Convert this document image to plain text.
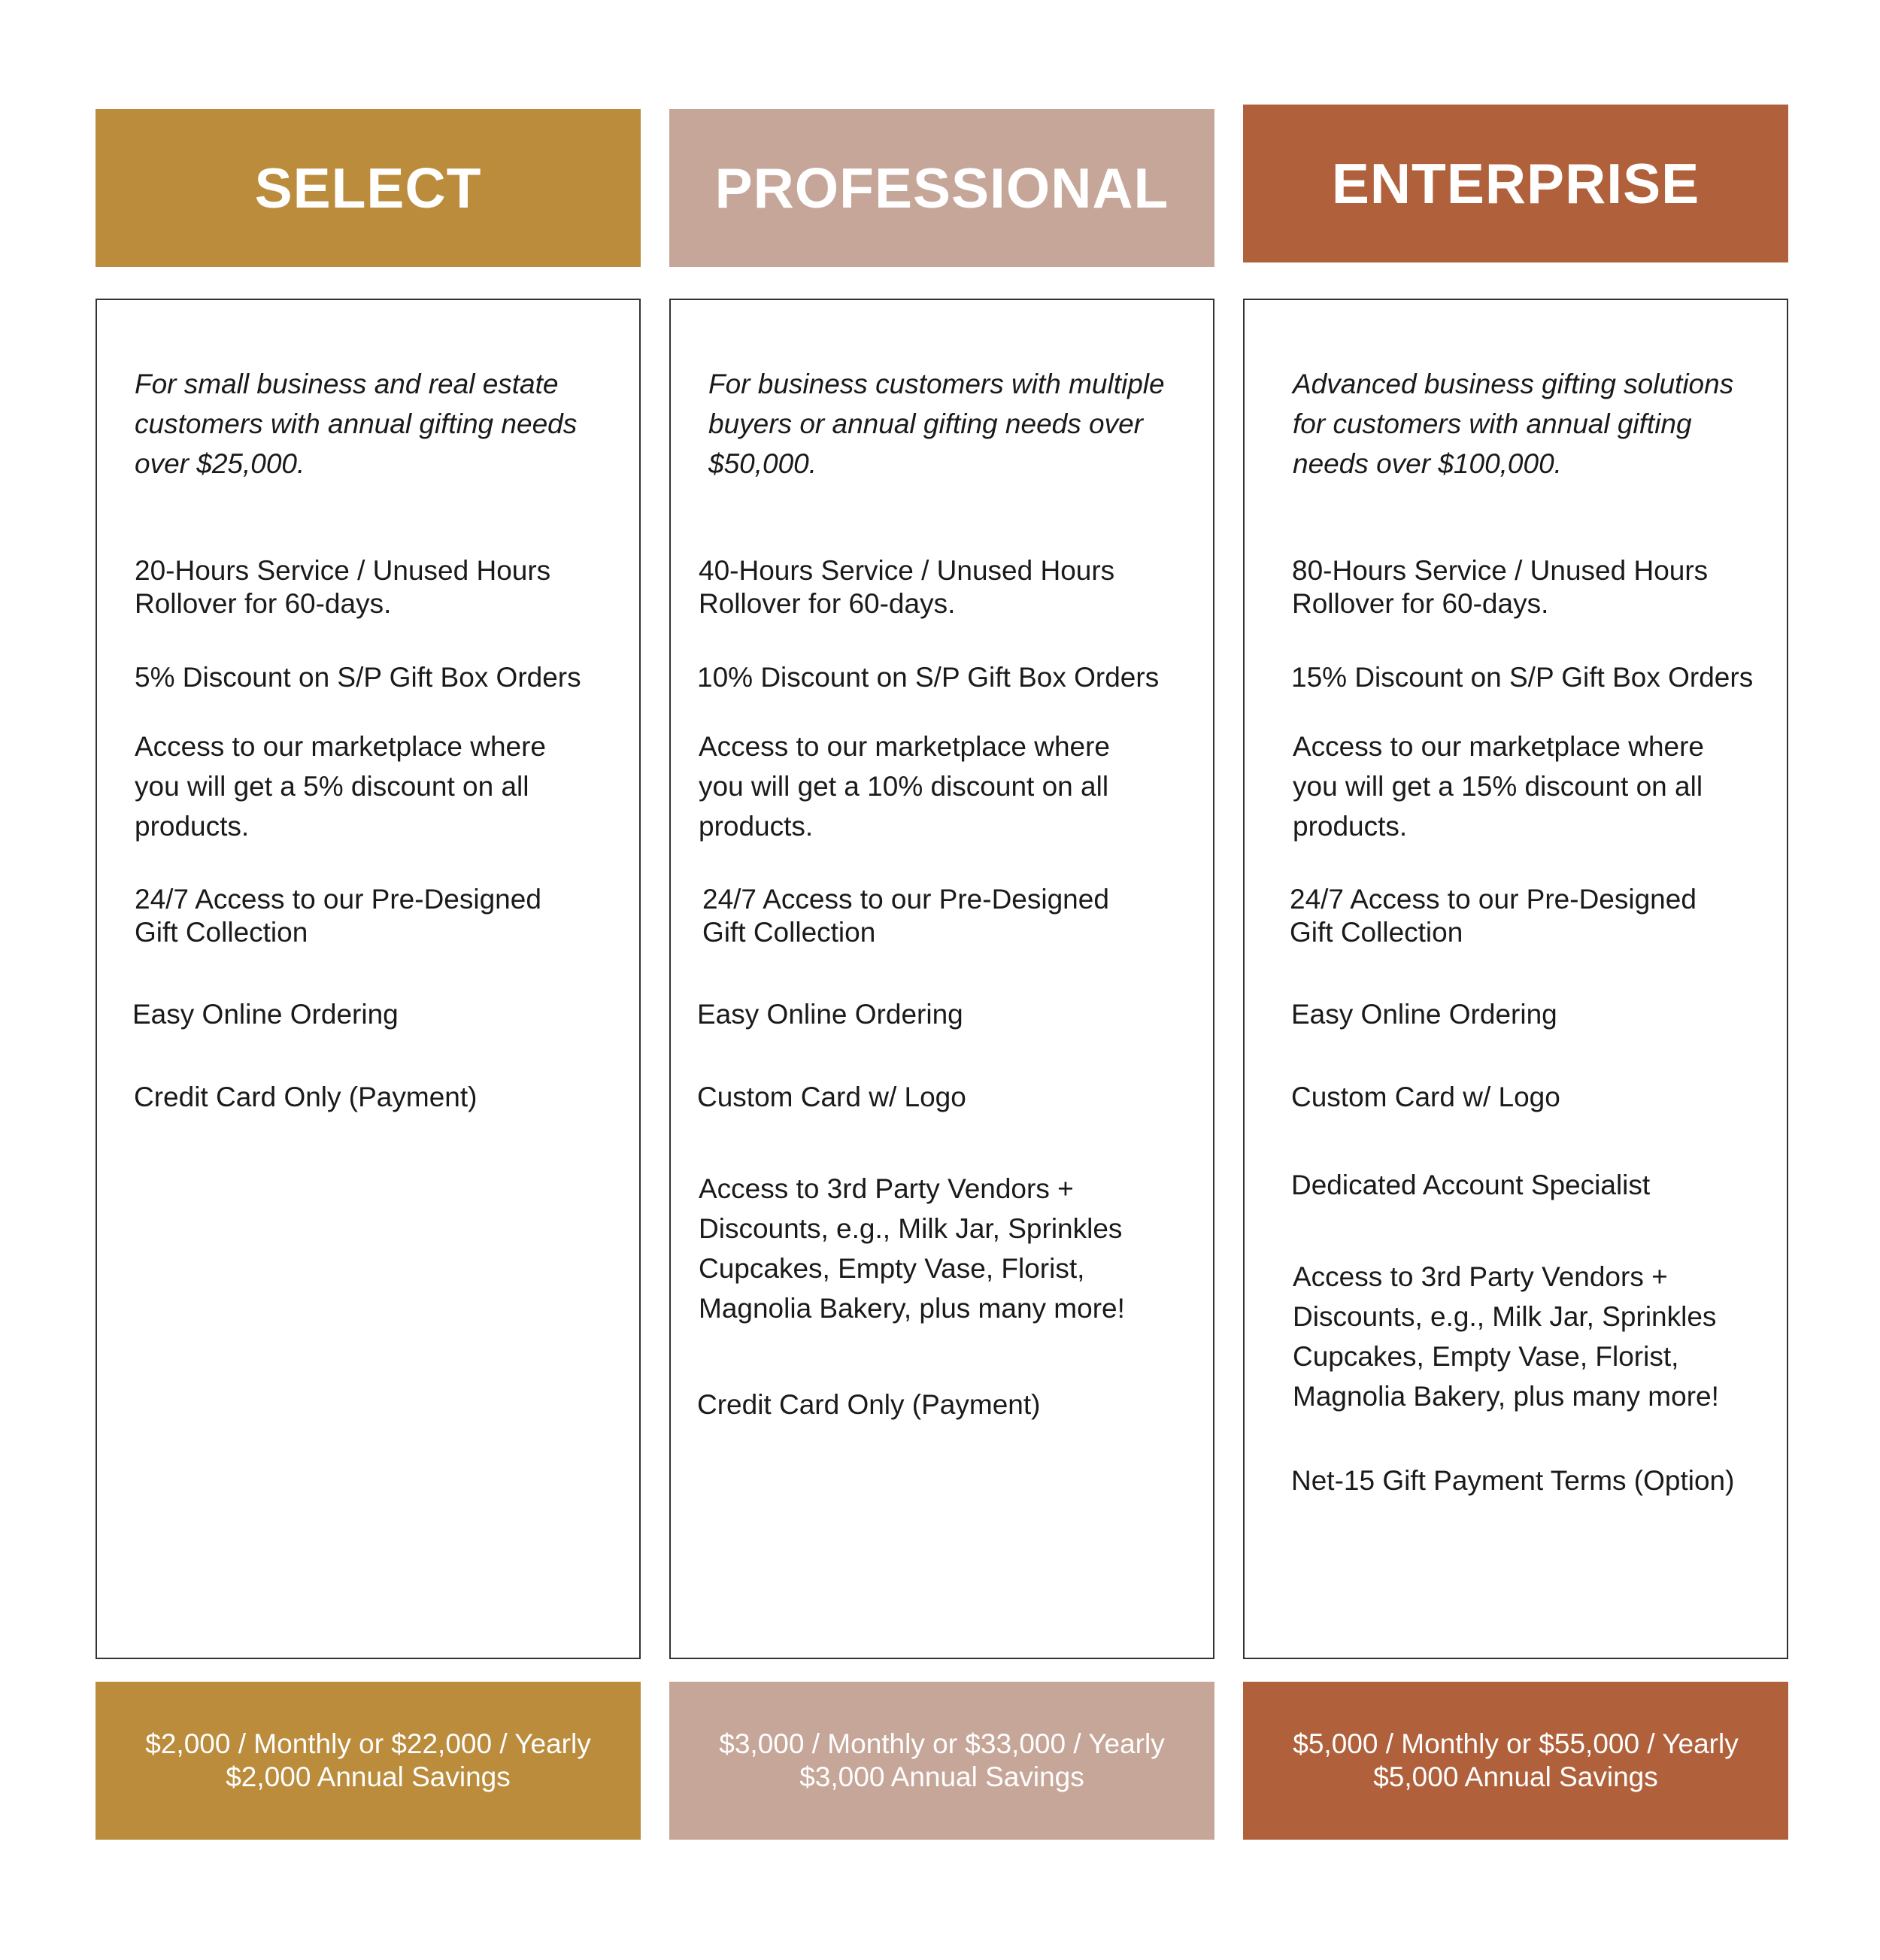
SELECT
For small business and real estate customers with annual gifting needs over $25,000.
20-Hours Service / Unused Hours
Rollover for 60-days.
5% Discount on S/P Gift Box Orders
Access to our marketplace where you will get a 5% discount on all products.
24/7 Access to our Pre-Designed
Gift Collection
Easy Online Ordering
Credit Card Only (Payment)
$2,000 / Monthly or $22,000 / Yearly
$2,000 Annual Savings
PROFESSIONAL
For business customers with multiple buyers or annual gifting needs over $50,000.
40-Hours Service / Unused Hours
Rollover for 60-days.
10% Discount on S/P Gift Box Orders
Access to our marketplace where you will get a 10% discount on all products.
24/7 Access to our Pre-Designed
Gift Collection
Easy Online Ordering
Custom Card w/ Logo
Access to 3rd Party Vendors + Discounts, e.g., Milk Jar, Sprinkles Cupcakes, Empty Vase, Florist, Magnolia Bakery, plus many more!
Credit Card Only (Payment)
$3,000 / Monthly or $33,000 / Yearly
$3,000 Annual Savings
ENTERPRISE
Advanced business gifting solutions for customers with annual gifting needs over $100,000.
80-Hours Service / Unused Hours
Rollover for 60-days.
15% Discount on S/P Gift Box Orders
Access to our marketplace where you will get a 15% discount on all products.
24/7 Access to our Pre-Designed
Gift Collection
Easy Online Ordering
Custom Card w/ Logo
Dedicated Account Specialist
Access to 3rd Party Vendors + Discounts, e.g., Milk Jar, Sprinkles Cupcakes, Empty Vase, Florist, Magnolia Bakery, plus many more!
Net-15 Gift Payment Terms (Option)
$5,000 / Monthly or $55,000 / Yearly
$5,000 Annual Savings
